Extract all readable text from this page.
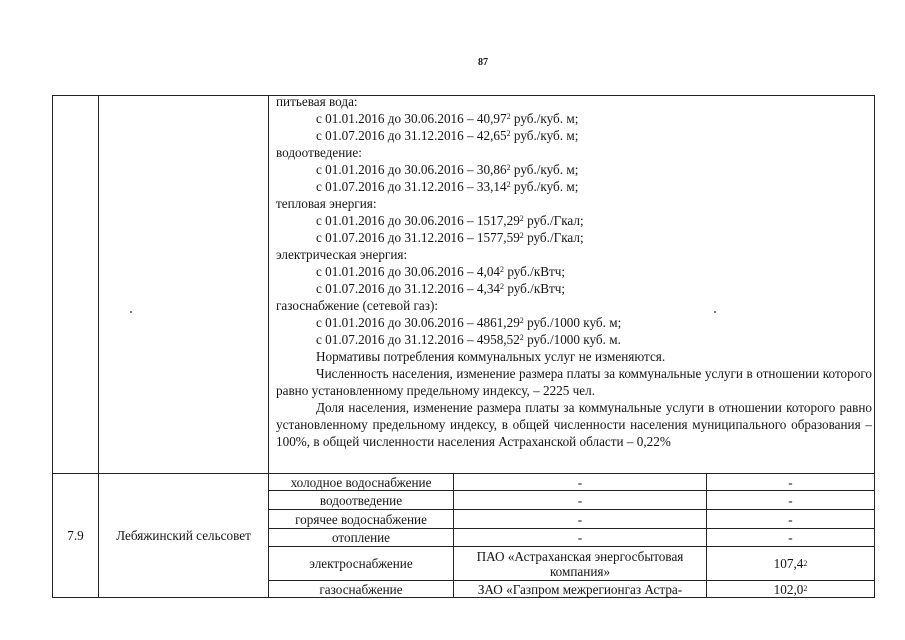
87

питьевая вода:

с 01.01.2016 до 30.06.2016 – 40,97$^2$ руб./куб. м;

с 01.07.2016 до 31.12.2016 – 42,65$^2$ руб./куб. м;

водоотведение:

с 01.01.2016 до 30.06.2016 – 30,86$^2$ руб./куб. м;

с 01.07.2016 до 31.12.2016 – 33,14$^2$ руб./куб. м;

тепловая энергия:

с 01.01.2016 до 30.06.2016 – 1517,29$^2$ руб./Гкал;

с 01.07.2016 до 31.12.2016 – 1577,59$^2$ руб./Гкал;

электрическая энергия:

с 01.01.2016 до 30.06.2016 – 4,04$^2$ руб./кВтч;

с 01.07.2016 до 31.12.2016 – 4,34$^2$ руб./кВтч;

газоснабжение (сетевой газ):

с 01.01.2016 до 30.06.2016 – 4861,29$^2$ руб./1000 куб. м;

с 01.07.2016 до 31.12.2016 – 4958,52$^2$ руб./1000 куб. м.

Нормативы потребления коммунальных услуг не изменяются.

Численность населения, изменение размера платы за коммунальные услуги в отношении которого равно установленному предельному индексу, – 2225 чел.

Доля населения, изменение размера платы за коммунальные услуги в отношении которого равно установленному предельному индексу, в общей численности населения муниципального образования – 100%, в общей численности населения Астраханской области – 0,22%

7.9	Лебяжинский сельсовет
холодное водоснабжение	-	-
водоотведение	-	-
горячее водоснабжение	-	-
отопление	-	-
электроснабжение	ПАО «Астраханская энергосбытовая компания»	107,4 2
газоснабжение	ЗАО «Газпром межрегионгаз Астра-	102,0 2
